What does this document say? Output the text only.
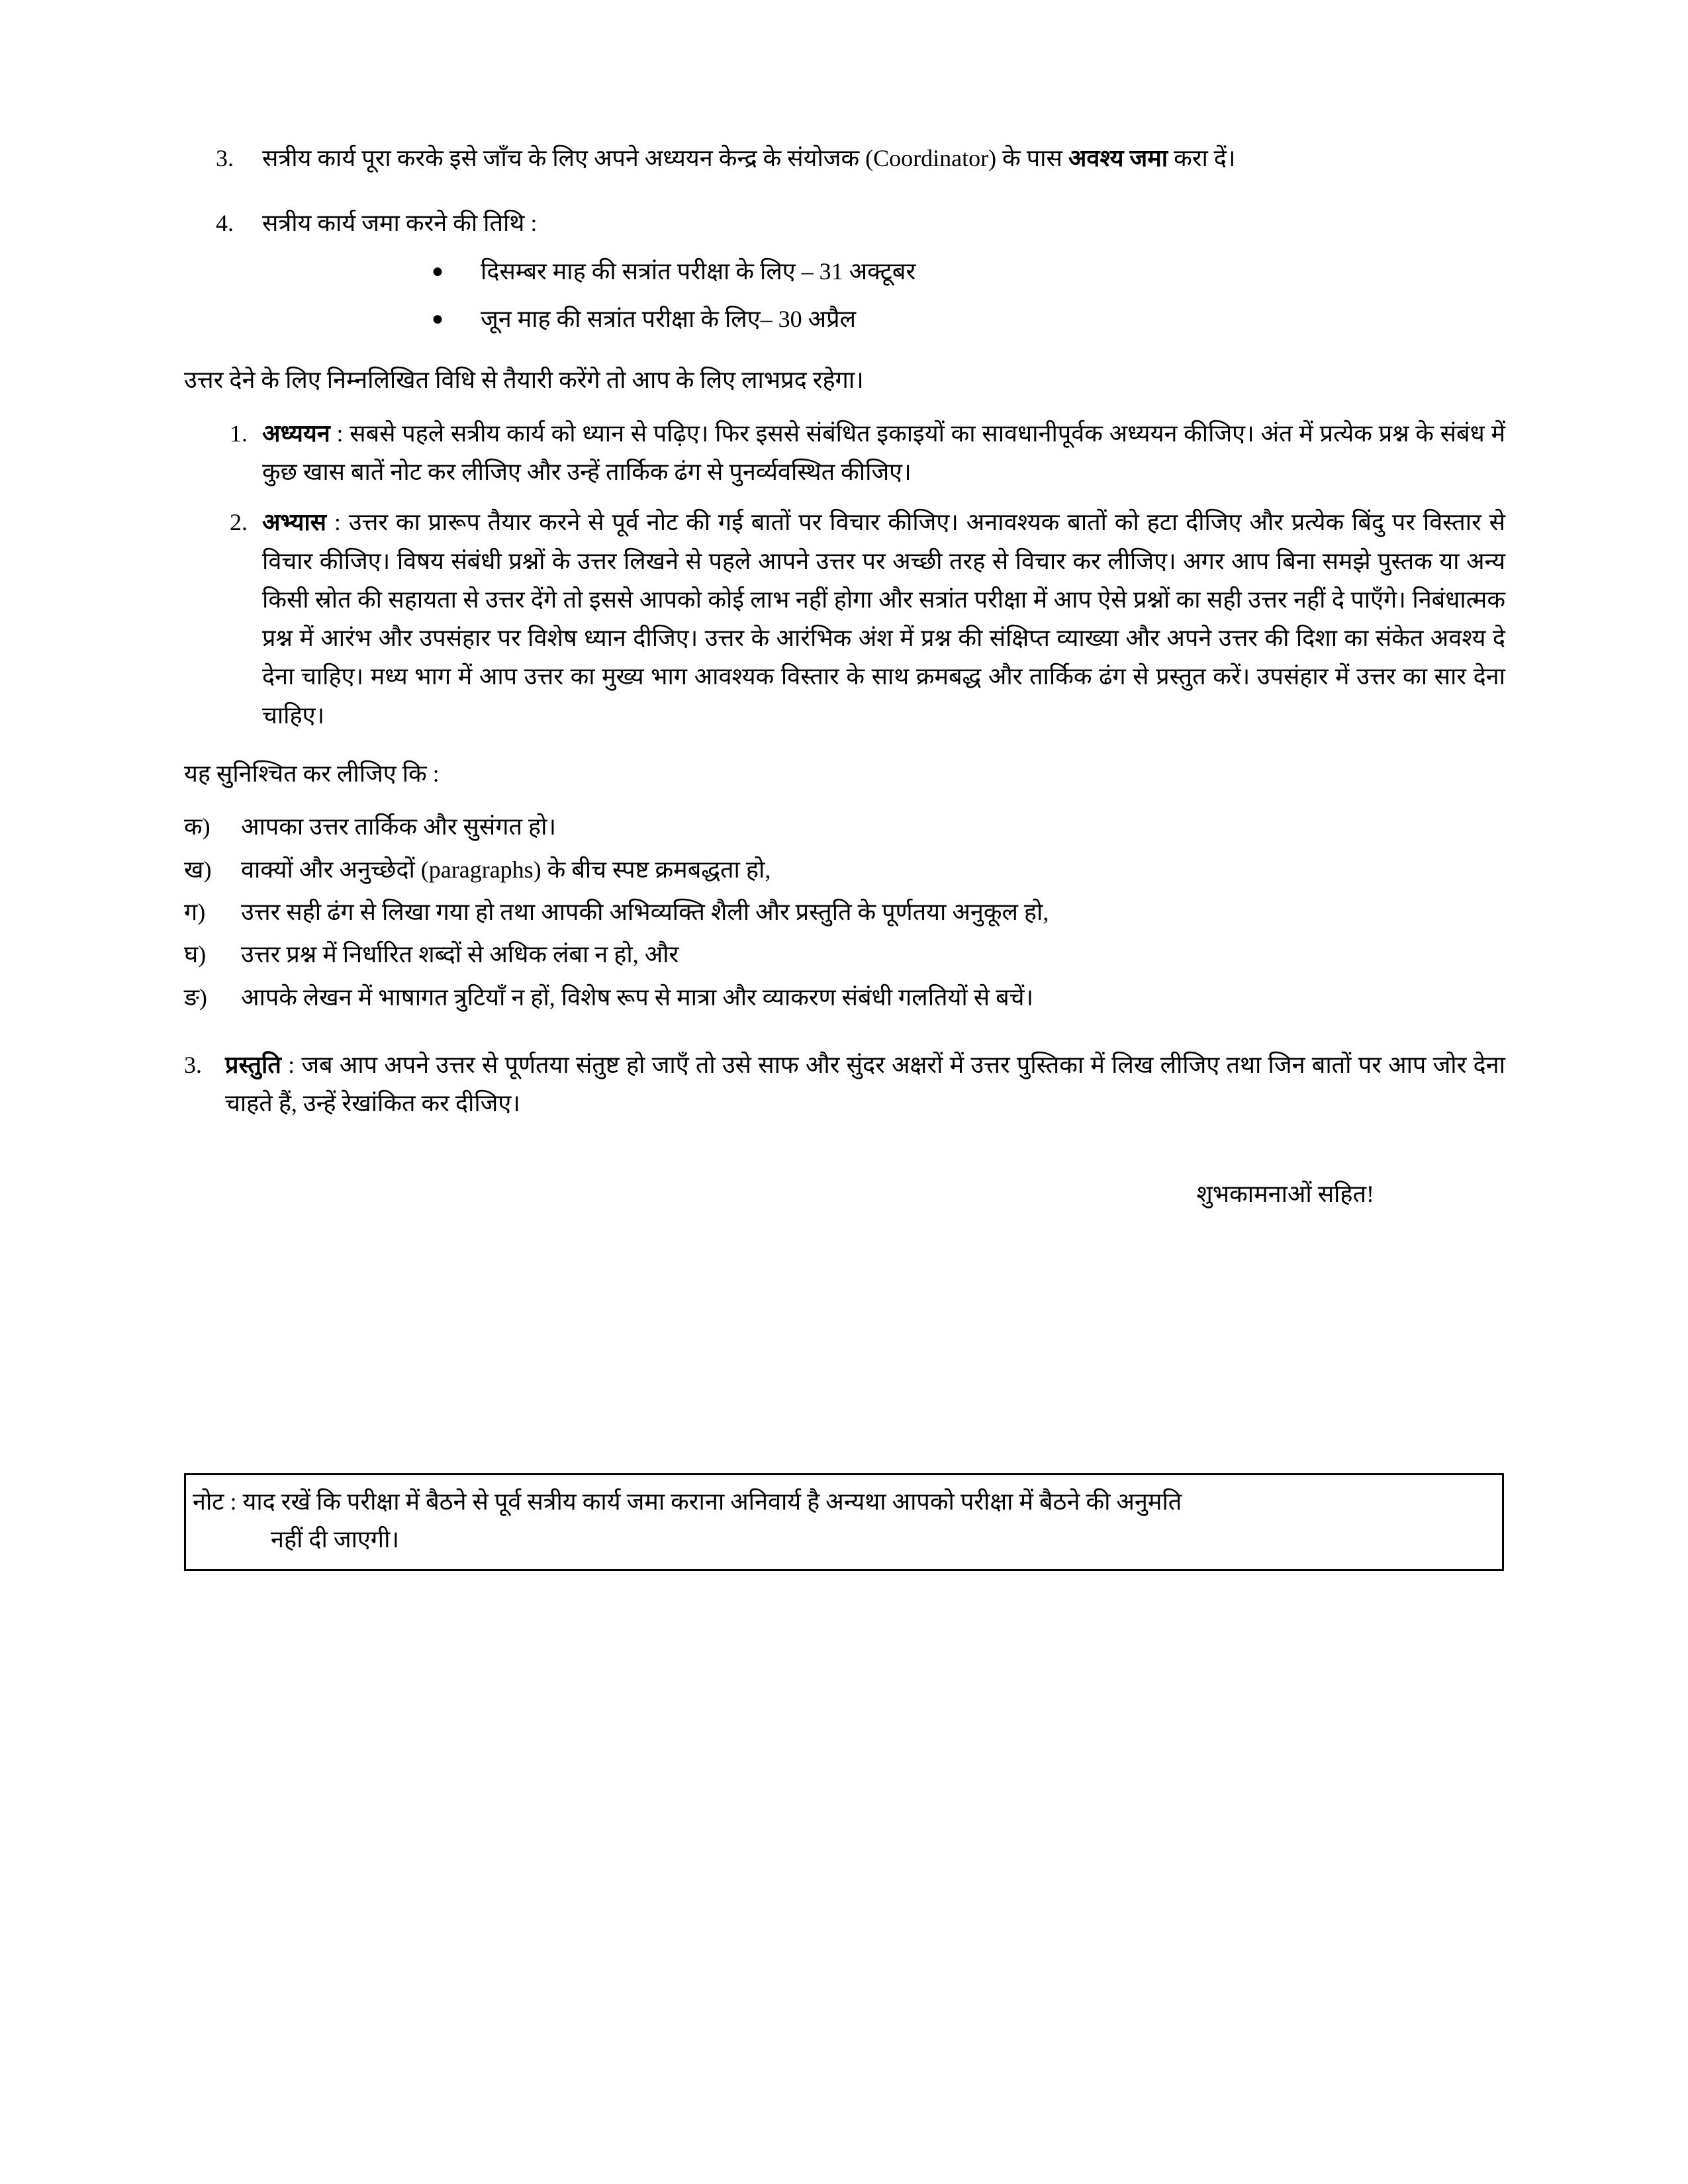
3. सत्रीय कार्य पूरा करके इसे जाँच के लिए अपने अध्ययन केन्द्र के संयोजक (Coordinator) के पास अवश्य जमा करा दें।
4. सत्रीय कार्य जमा करने की तिथि :
● दिसम्बर माह की सत्रांत परीक्षा के लिए – 31 अक्टूबर
● जून माह की सत्रांत परीक्षा के लिए– 30 अप्रैल
उत्तर देने के लिए निम्नलिखित विधि से तैयारी करेंगे तो आप के लिए लाभप्रद रहेगा।
1. अध्ययन : सबसे पहले सत्रीय कार्य को ध्यान से पढ़िए। फिर इससे संबंधित इकाइयों का सावधानीपूर्वक अध्ययन कीजिए। अंत में प्रत्येक प्रश्न के संबंध में कुछ खास बातें नोट कर लीजिए और उन्हें तार्किक ढंग से पुनर्व्यवस्थित कीजिए।
2. अभ्यास : उत्तर का प्रारूप तैयार करने से पूर्व नोट की गई बातों पर विचार कीजिए। अनावश्यक बातों को हटा दीजिए और प्रत्येक बिंदु पर विस्तार से विचार कीजिए। विषय संबंधी प्रश्नों के उत्तर लिखने से पहले आपने उत्तर पर अच्छी तरह से विचार कर लीजिए। अगर आप बिना समझे पुस्तक या अन्य किसी स्रोत की सहायता से उत्तर देंगे तो इससे आपको कोई लाभ नहीं होगा और सत्रांत परीक्षा में आप ऐसे प्रश्नों का सही उत्तर नहीं दे पाएँगे। निबंधात्मक प्रश्न में आरंभ और उपसंहार पर विशेष ध्यान दीजिए। उत्तर के आरंभिक अंश में प्रश्न की संक्षिप्त व्याख्या और अपने उत्तर की दिशा का संकेत अवश्य दे देना चाहिए। मध्य भाग में आप उत्तर का मुख्य भाग आवश्यक विस्तार के साथ क्रमबद्ध और तार्किक ढंग से प्रस्तुत करें। उपसंहार में उत्तर का सार देना चाहिए।
यह सुनिश्चित कर लीजिए कि :
क) आपका उत्तर तार्किक और सुसंगत हो।
ख) वाक्यों और अनुच्छेदों (paragraphs) के बीच स्पष्ट क्रमबद्धता हो,
ग) उत्तर सही ढंग से लिखा गया हो तथा आपकी अभिव्यक्ति शैली और प्रस्तुति के पूर्णतया अनुकूल हो,
घ) उत्तर प्रश्न में निर्धारित शब्दों से अधिक लंबा न हो, और
ङ) आपके लेखन में भाषागत त्रुटियाँ न हों, विशेष रूप से मात्रा और व्याकरण संबंधी गलतियों से बचें।
3. प्रस्तुति : जब आप अपने उत्तर से पूर्णतया संतुष्ट हो जाएँ तो उसे साफ और सुंदर अक्षरों में उत्तर पुस्तिका में लिख लीजिए तथा जिन बातों पर आप जोर देना चाहते हैं, उन्हें रेखांकित कर दीजिए।
शुभकामनाओं सहित!
नोट : याद रखें कि परीक्षा में बैठने से पूर्व सत्रीय कार्य जमा कराना अनिवार्य है अन्यथा आपको परीक्षा में बैठने की अनुमति
नहीं दी जाएगी।
